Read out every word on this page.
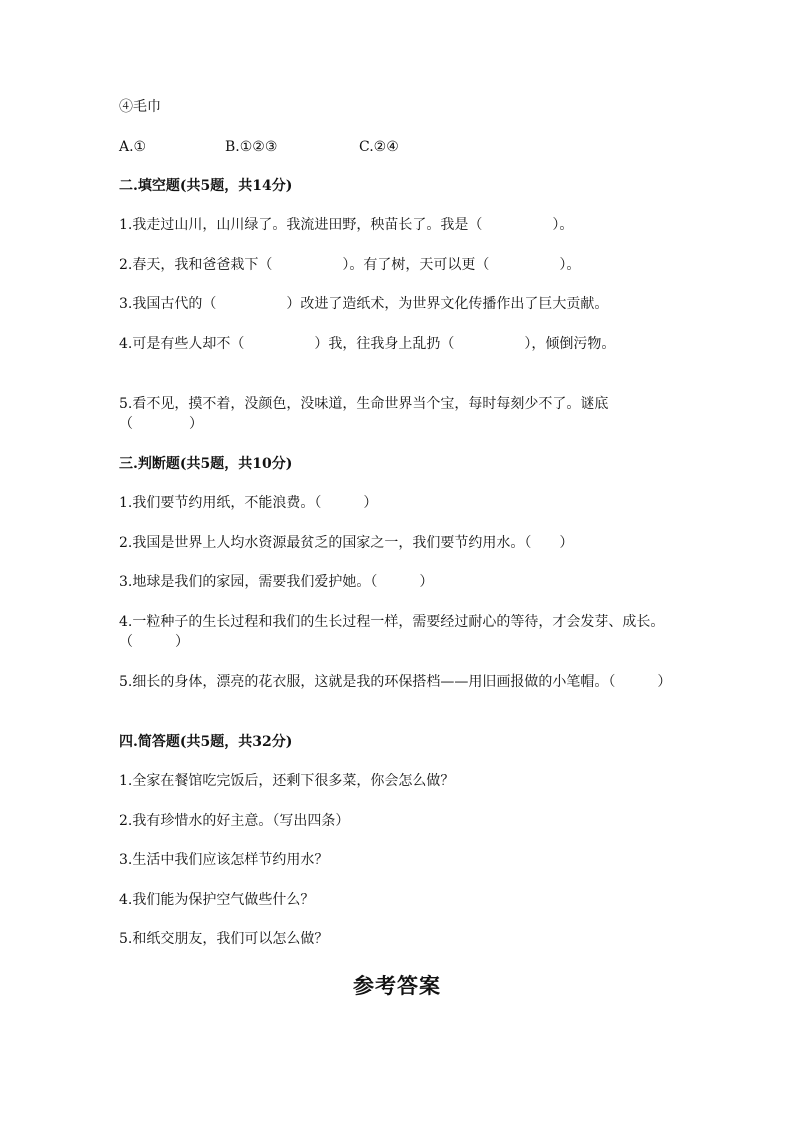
④毛巾

A.①

	B.①②③

	C.②④

二.填空题(共5题，共14分)
1.我走过山川，山川绿了。我流进田野，秧苗长了。我是（　　　　　）。
2.春天，我和爸爸栽下（　　　　　）。有了树，天可以更（　　　　　）。
3.我国古代的（　　　　　）改进了造纸术，为世界文化传播作出了巨大贡献。
4.可是有些人却不（　　　　　）我，往我身上乱扔（　　　　　），倾倒污物。
5.看不见，摸不着，没颜色，没味道，生命世界当个宝，每时每刻少不了。谜底（　　　　）
三.判断题(共5题，共10分)
1.我们要节约用纸，不能浪费。（　　　）
2.我国是世界上人均水资源最贫乏的国家之一，我们要节约用水。（　　）
3.地球是我们的家园，需要我们爱护她。（　　　）
4.一粒种子的生长过程和我们的生长过程一样，需要经过耐心的等待，才会发芽、成长。（　　　）
5.细长的身体，漂亮的花衣服，这就是我的环保搭档——用旧画报做的小笔帽。（　　　）
四.简答题(共5题，共32分)
1.全家在餐馆吃完饭后，还剩下很多菜，你会怎么做？
2.我有珍惜水的好主意。（写出四条）
3.生活中我们应该怎样节约用水？
4.我们能为保护空气做些什么？
5.和纸交朋友，我们可以怎么做？
参考答案
